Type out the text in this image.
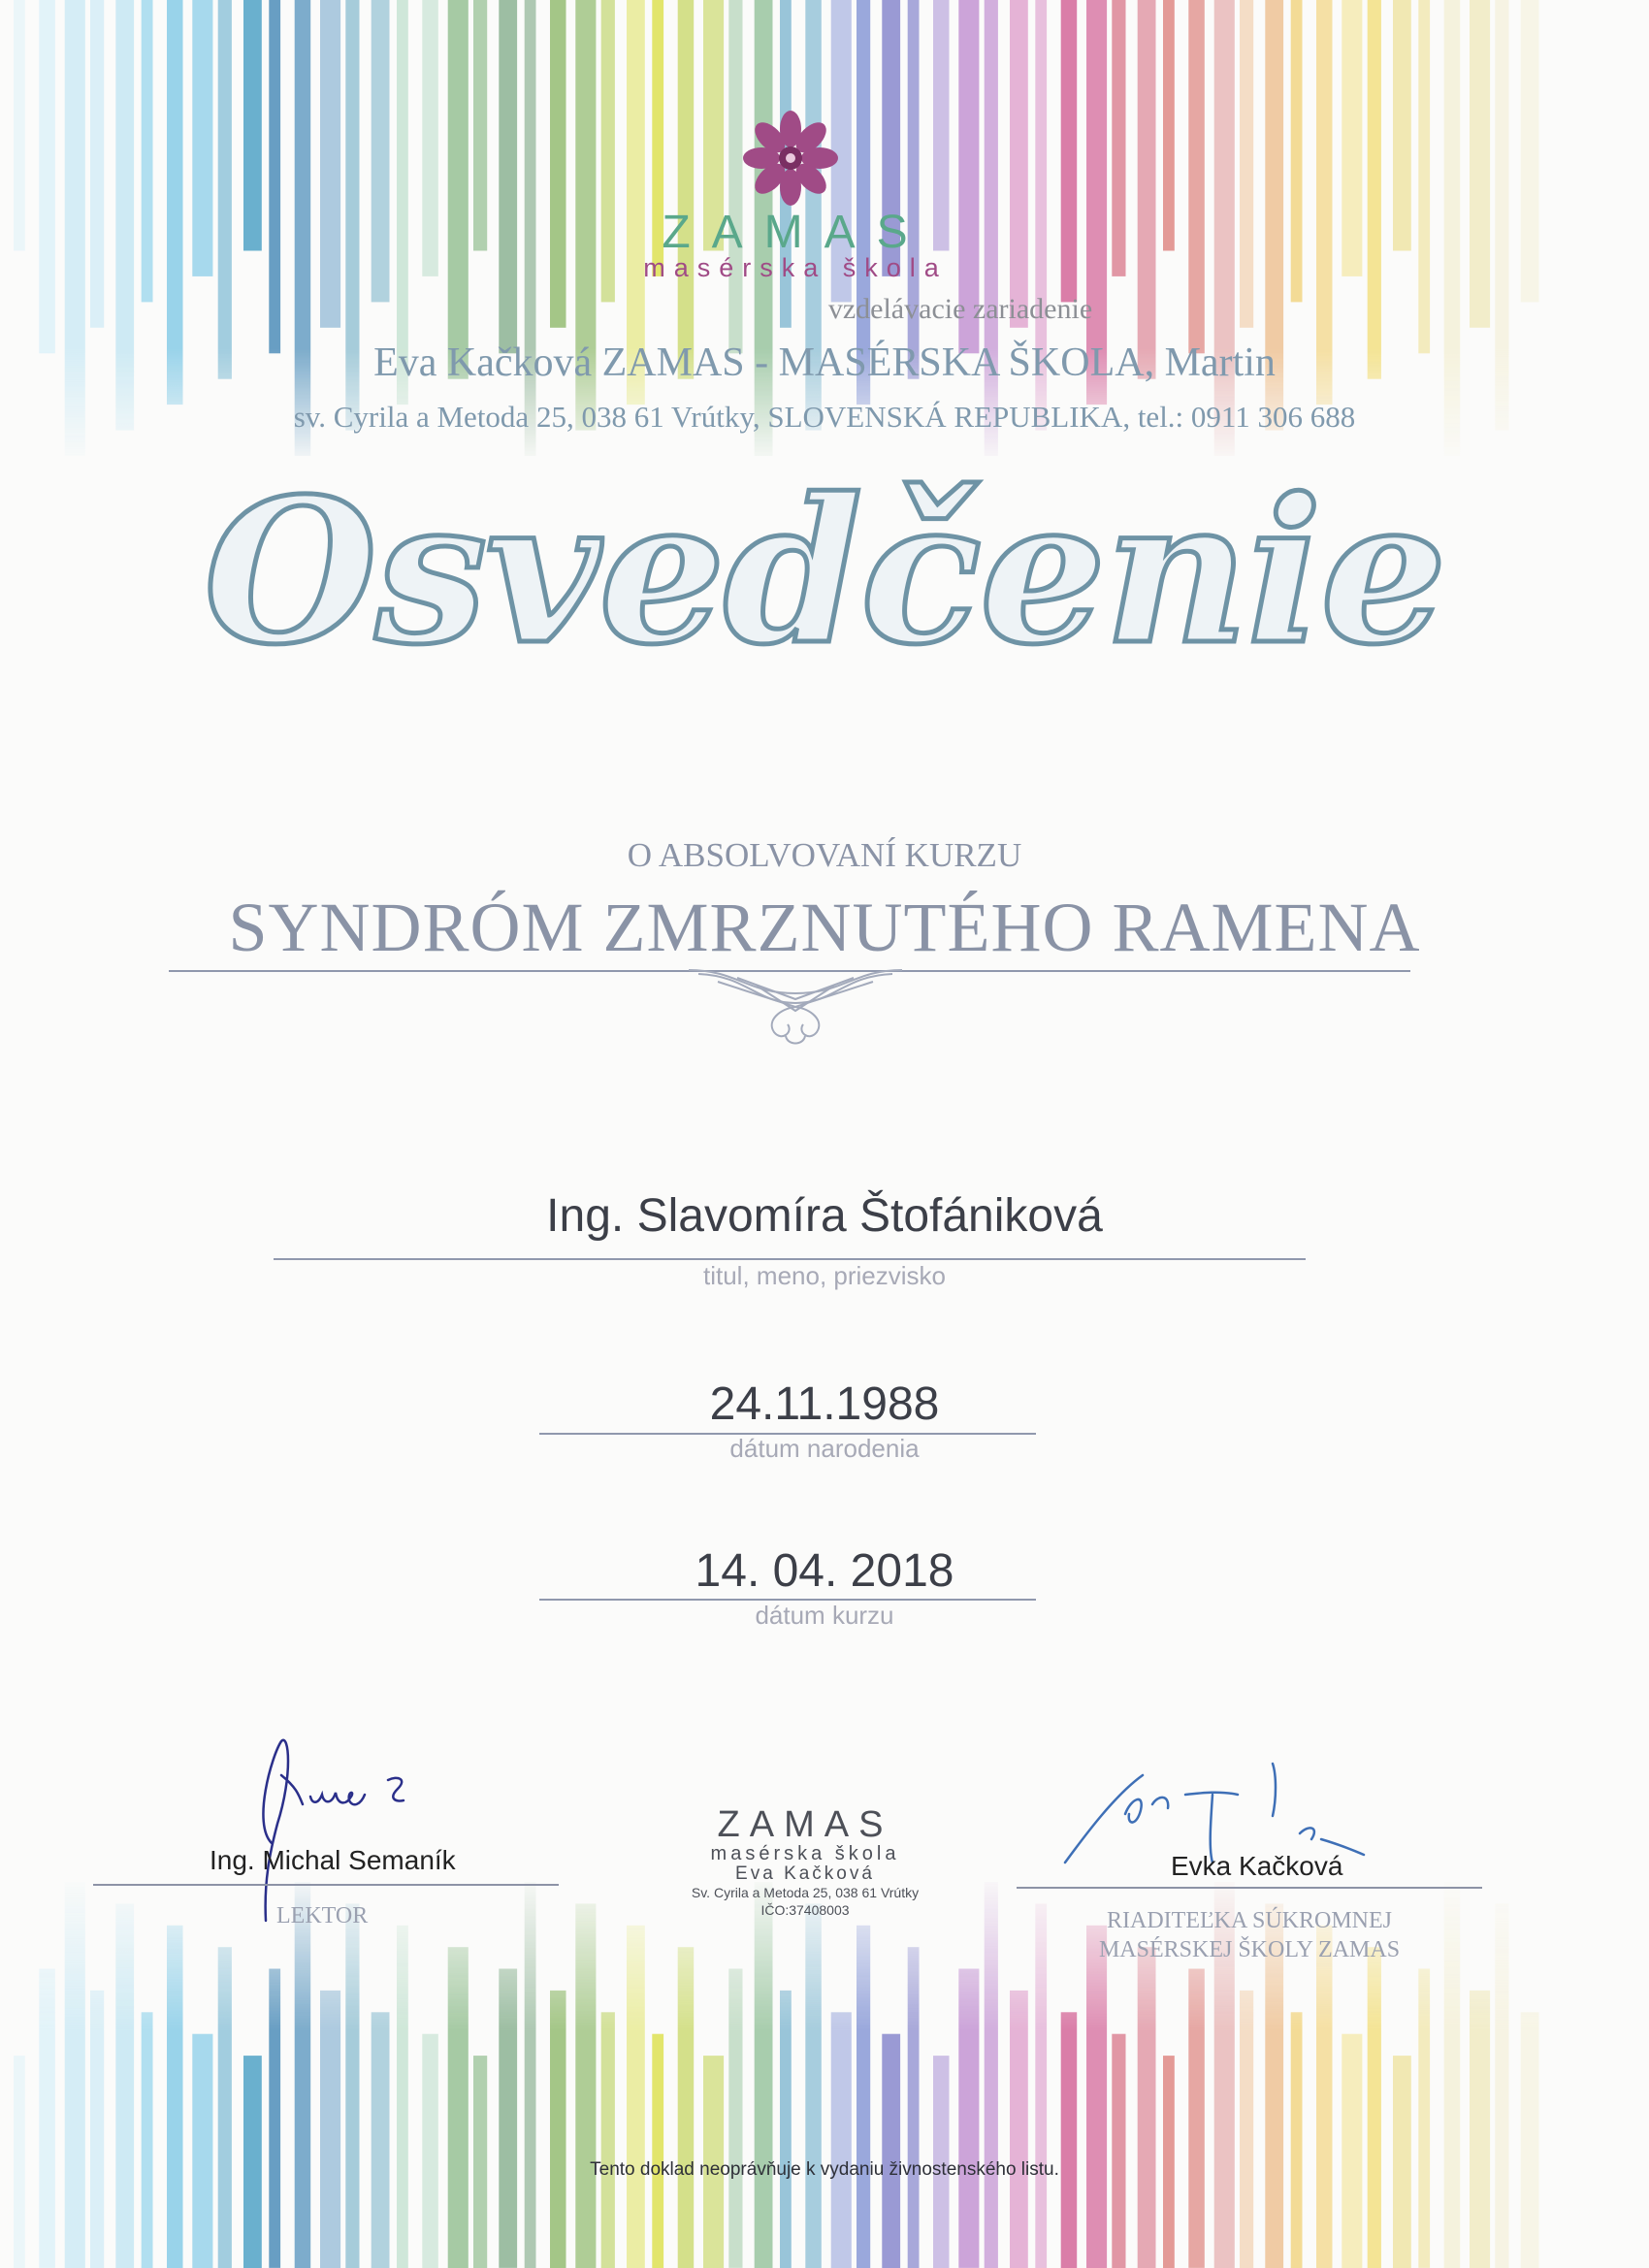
ZAMAS
masérska škola
vzdelávacie zariadenie
Eva Kačková ZAMAS - MASÉRSKA ŠKOLA, Martin
sv. Cyrila a Metoda 25, 038 61 Vrútky, SLOVENSKÁ REPUBLIKA, tel.: 0911 306 688
Osvedčenie
O ABSOLVOVANÍ KURZU
SYNDRÓM ZMRZNUTÉHO RAMENA
Ing. Slavomíra Štofániková
titul, meno, priezvisko
24.11.1988
dátum narodenia
14. 04. 2018
dátum kurzu
Ing. Michal Semaník
LEKTOR
ZAMAS
masérska škola
Eva Kačková
Sv. Cyrila a Metoda 25, 038 61 Vrútky
IČO:37408003
Evka Kačková
RIADITEĽKA SÚKROMNEJ
MASÉRSKEJ ŠKOLY ZAMAS
Tento doklad neoprávňuje k vydaniu živnostenského listu.
